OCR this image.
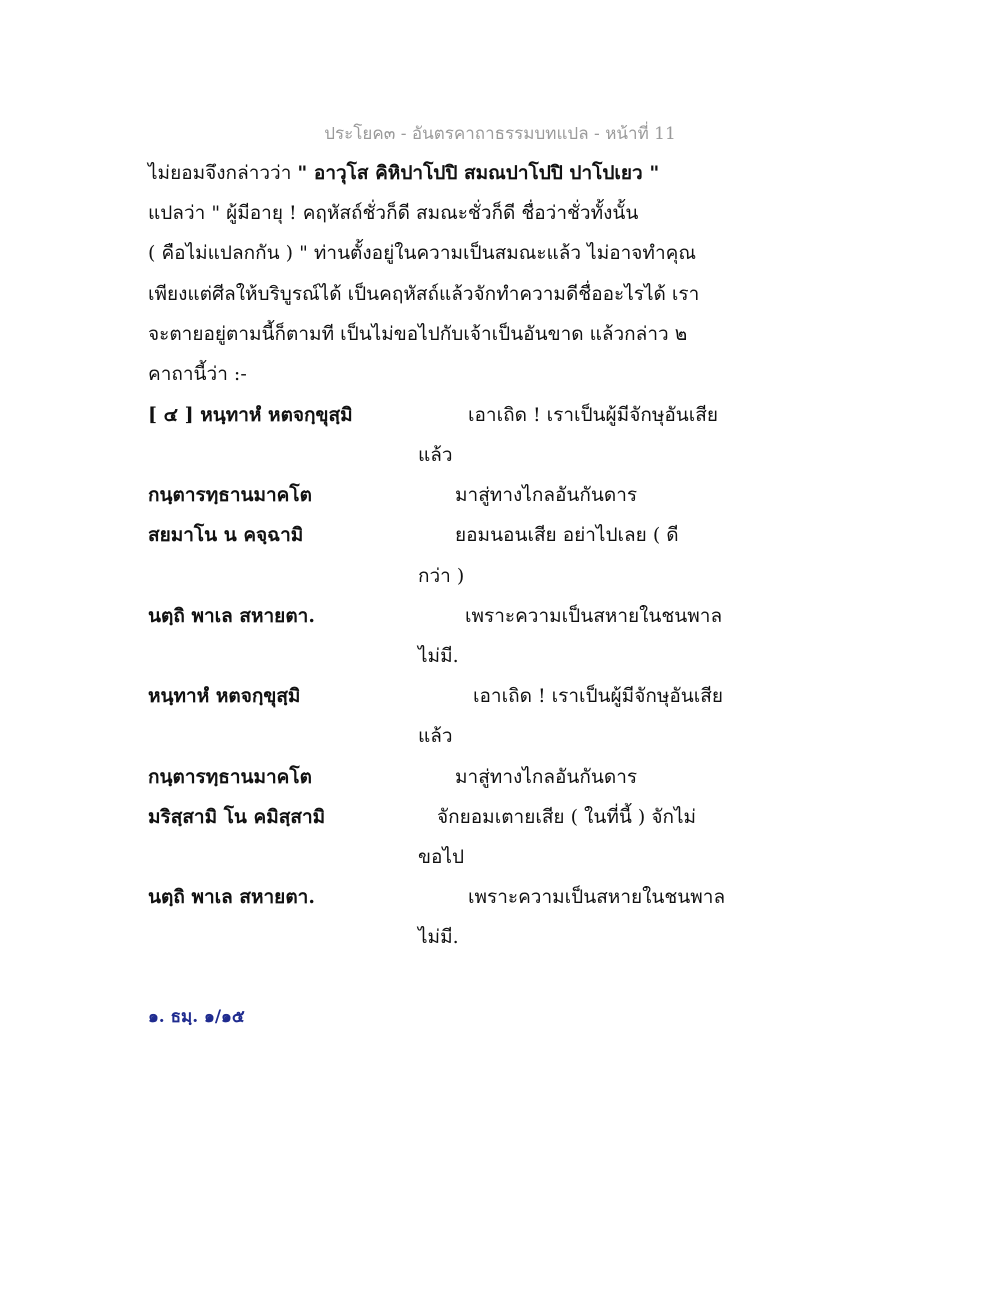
ประโยค๓ - อันตรคาถาธรรมบทแปล - หน้าที่ 11
ไม่ยอมจึงกล่าวว่า " อาวุโส คิหิปาโปปิ สมณปาโปปิ ปาโปเยว "
แปลว่า " ผู้มีอายุ ! คฤหัสถ์ชั่วก็ดี สมณะชั่วก็ดี ชื่อว่าชั่วทั้งนั้น
( คือไม่แปลกกัน ) " ท่านตั้งอยู่ในความเป็นสมณะแล้ว ไม่อาจทำคุณ
เพียงแต่ศีลให้บริบูรณ์ได้ เป็นคฤหัสถ์แล้วจักทำความดีชื่ออะไรได้ เรา
จะตายอยู่ตามนี้ก็ตามที เป็นไม่ขอไปกับเจ้าเป็นอันขาด แล้วกล่าว ๒
คาถานี้ว่า :-
[ ๔ ] หนฺทาหํ หตจกฺขุสฺมิ	เอาเถิด ! เราเป็นผู้มีจักษุอันเสีย
แล้ว
กนฺตารทฺธานมาคโต	มาสู่ทางไกลอันกันดาร
สยมาโน น คจฺฉามิ	ยอมนอนเสีย อย่าไปเลย ( ดี
กว่า )
นตฺถิ พาเล สหายตา.	เพราะความเป็นสหายในชนพาล
ไม่มี.
หนฺทาหํ หตจกฺขุสฺมิ	เอาเถิด ! เราเป็นผู้มีจักษุอันเสีย
แล้ว
กนฺตารทฺธานมาคโต	มาสู่ทางไกลอันกันดาร
มริสฺสามิ โน คมิสฺสามิ	จักยอมเตายเสีย ( ในที่นี้ ) จักไม่
ขอไป
นตฺถิ พาเล สหายตา.	เพราะความเป็นสหายในชนพาล
ไม่มี.
๑. ธมฺ. ๑/๑๕
